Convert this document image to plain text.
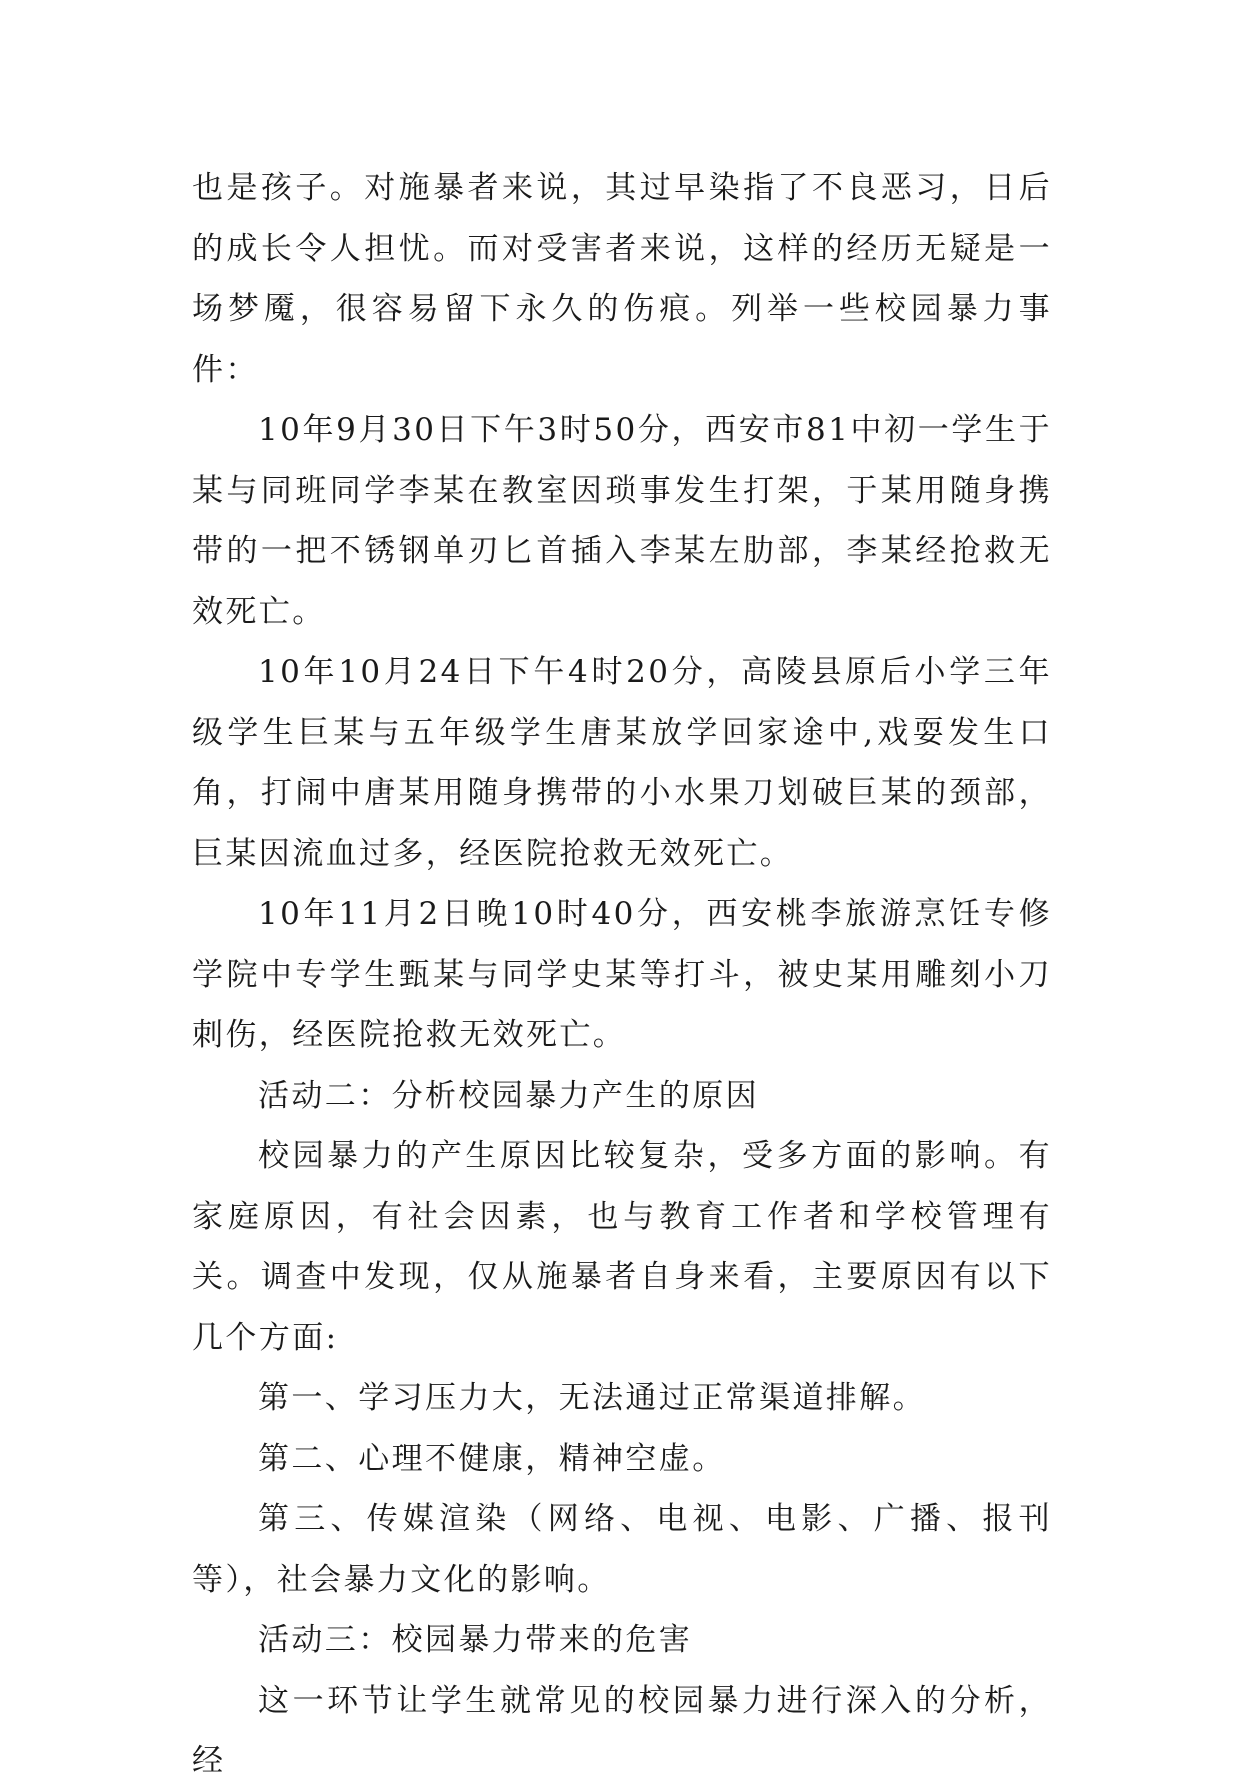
也是孩子。对施暴者来说，其过早染指了不良恶习，日后的成长令人担忧。而对受害者来说，这样的经历无疑是一场梦魇，很容易留下永久的伤痕。列举一些校园暴力事件：

10年9月30日下午3时50分，西安市81中初一学生于某与同班同学李某在教室因琐事发生打架，于某用随身携带的一把不锈钢单刃匕首插入李某左肋部，李某经抢救无效死亡。

10年10月24日下午4时20分，高陵县原后小学三年级学生巨某与五年级学生唐某放学回家途中,戏耍发生口角，打闹中唐某用随身携带的小水果刀划破巨某的颈部，巨某因流血过多，经医院抢救无效死亡。

10年11月2日晚10时40分，西安桃李旅游烹饪专修学院中专学生甄某与同学史某等打斗，被史某用雕刻小刀刺伤，经医院抢救无效死亡。

活动二：分析校园暴力产生的原因

校园暴力的产生原因比较复杂，受多方面的影响。有家庭原因，有社会因素，也与教育工作者和学校管理有关。调查中发现，仅从施暴者自身来看，主要原因有以下几个方面:

第一、学习压力大，无法通过正常渠道排解。

第二、心理不健康，精神空虚。

第三、传媒渲染（网络、电视、电影、广播、报刊等），社会暴力文化的影响。

活动三：校园暴力带来的危害

这一环节让学生就常见的校园暴力进行深入的分析，经
